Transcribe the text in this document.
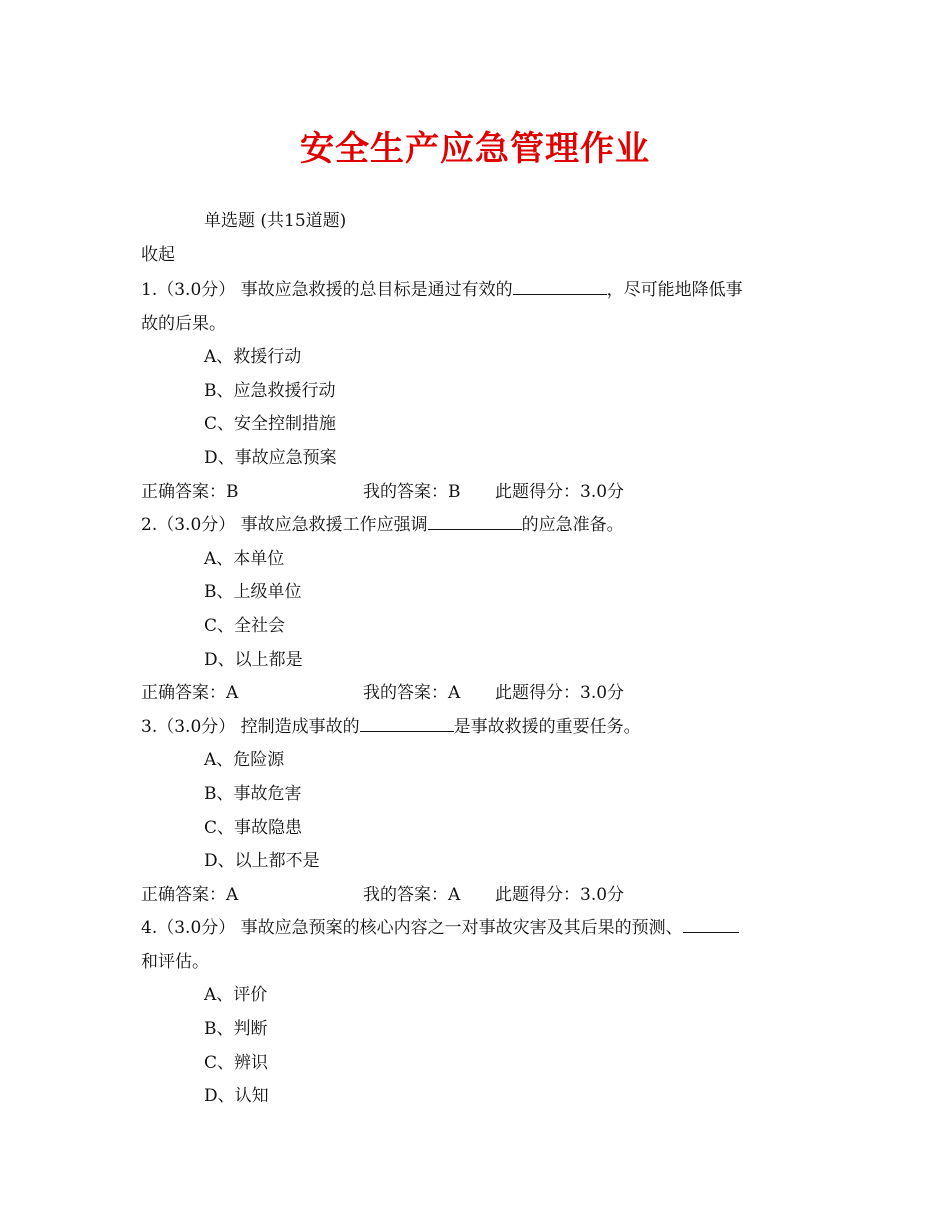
安全生产应急管理作业
单选题 (共15道题)
收起
1.（3.0分） 事故应急救援的总目标是通过有效的	，尽可能地降低事
故的后果。
A、救援行动
B、应急救援行动
C、安全控制措施
D、事故应急预案
正确答案：B	我的答案：B 此题得分：3.0分
2.（3.0分） 事故应急救援工作应强调	的应急准备。
A、本单位
B、上级单位
C、全社会
D、以上都是
正确答案：A	我的答案：A 此题得分：3.0分
3.（3.0分） 控制造成事故的	是事故救援的重要任务。
A、危险源
B、事故危害
C、事故隐患
D、以上都不是
正确答案：A	我的答案：A 此题得分：3.0分
4.（3.0分） 事故应急预案的核心内容之一对事故灾害及其后果的预测、
和评估。
A、评价
B、判断
C、辨识
D、认知
